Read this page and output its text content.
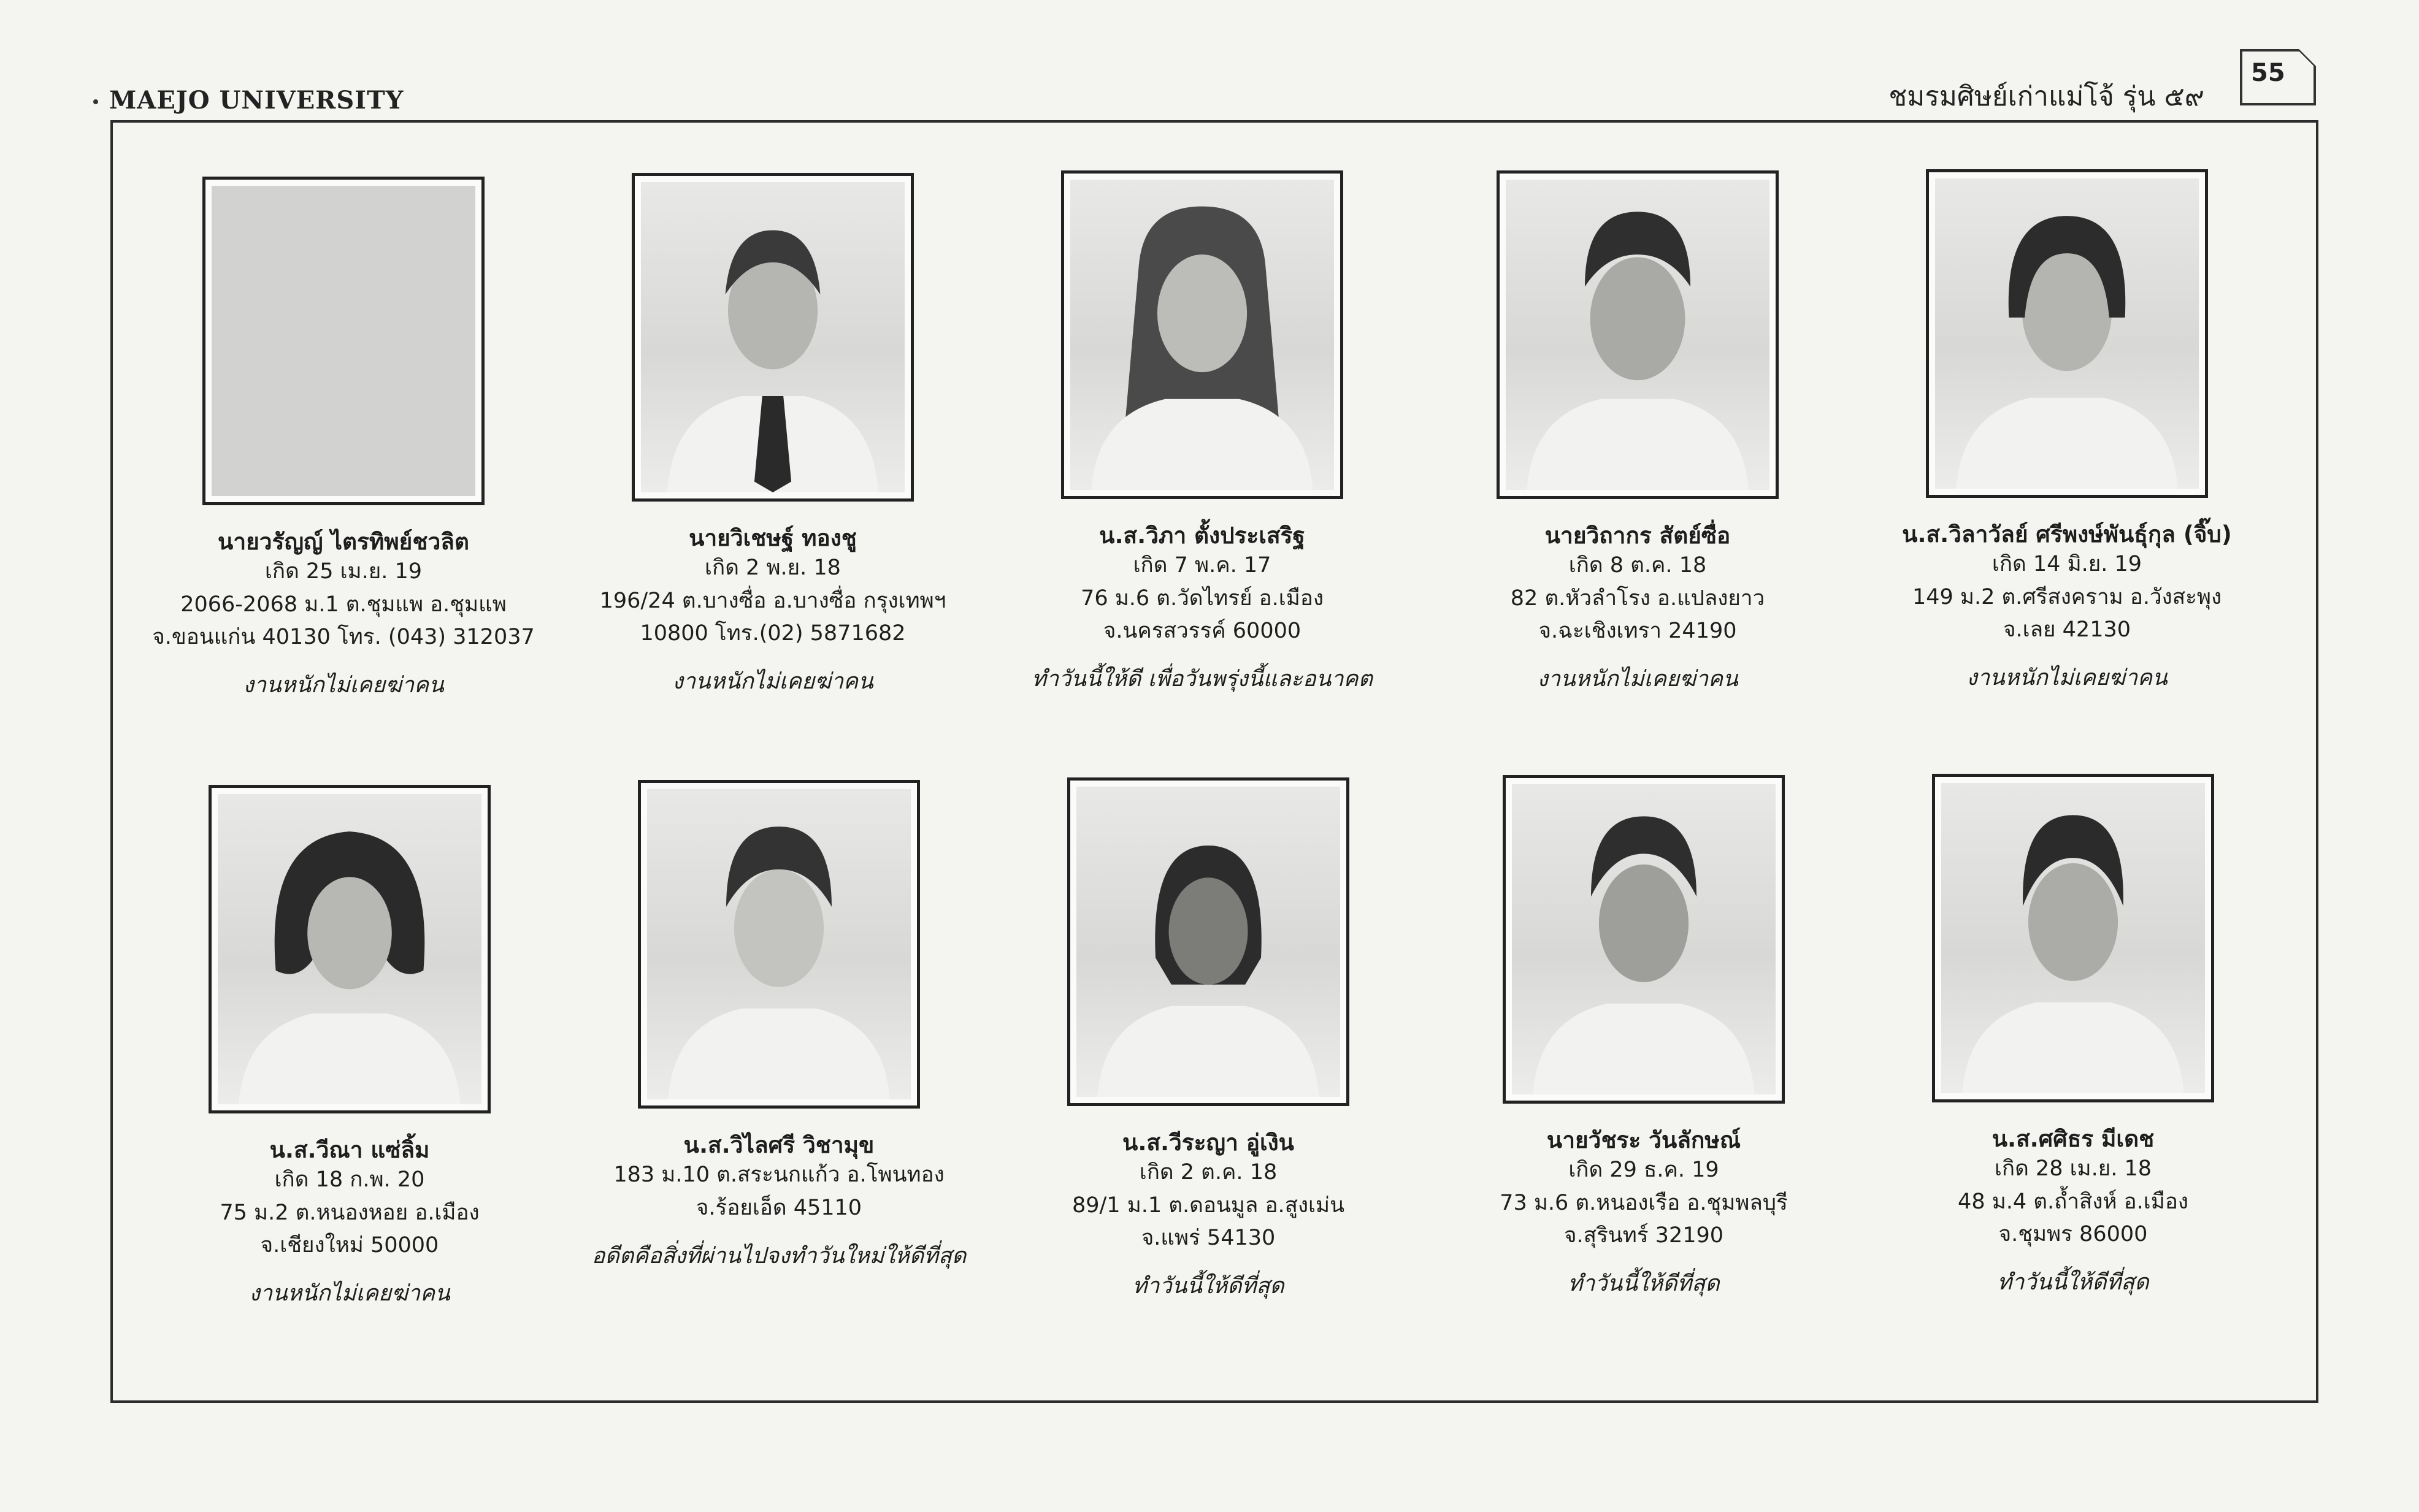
MAEJO UNIVERSITY	ชมรมศิษย์เก่าแม่โจ้ รุ่น ๕๙
55
นายวรัญญ์ ไตรทิพย์ชวลิต
เกิด 25 เม.ย. 19
2066-2068 ม.1 ต.ชุมแพ อ.ชุมแพ
จ.ขอนแก่น 40130 โทร. (043) 312037
งานหนักไม่เคยฆ่าคน
นายวิเชษฐ์ ทองชู
เกิด 2 พ.ย. 18
196/24 ต.บางซื่อ อ.บางซื่อ กรุงเทพฯ
10800 โทร.(02) 5871682
งานหนักไม่เคยฆ่าคน
น.ส.วิภา ตั้งประเสริฐ
เกิด 7 พ.ค. 17
76 ม.6 ต.วัดไทรย์ อ.เมือง
จ.นครสวรรค์ 60000
ทำวันนี้ให้ดี เพื่อวันพรุ่งนี้และอนาคต
นายวิถากร สัตย์ซื่อ
เกิด 8 ต.ค. 18
82 ต.หัวลำโรง อ.แปลงยาว
จ.ฉะเชิงเทรา 24190
งานหนักไม่เคยฆ่าคน
น.ส.วิลาวัลย์ ศรีพงษ์พันธุ์กุล (จิ๊บ)
เกิด 14 มิ.ย. 19
149 ม.2 ต.ศรีสงคราม อ.วังสะพุง
จ.เลย 42130
งานหนักไม่เคยฆ่าคน
น.ส.วีณา แซ่ลิ้ม
เกิด 18 ก.พ. 20
75 ม.2 ต.หนองหอย อ.เมือง
จ.เชียงใหม่ 50000
งานหนักไม่เคยฆ่าคน
น.ส.วิไลศรี วิชามุข
183 ม.10 ต.สระนกแก้ว อ.โพนทอง
จ.ร้อยเอ็ด 45110
อดีตคือสิ่งที่ผ่านไปจงทำวันใหม่ให้ดีที่สุด
น.ส.วีระญา อู่เงิน
เกิด 2 ต.ค. 18
89/1 ม.1 ต.ดอนมูล อ.สูงเม่น
จ.แพร่ 54130
ทำวันนี้ให้ดีที่สุด
นายวัชระ วันลักษณ์
เกิด 29 ธ.ค. 19
73 ม.6 ต.หนองเรือ อ.ชุมพลบุรี
จ.สุรินทร์ 32190
ทำวันนี้ให้ดีที่สุด
น.ส.ศศิธร มีเดช
เกิด 28 เม.ย. 18
48 ม.4 ต.ถ้ำสิงห์ อ.เมือง
จ.ชุมพร 86000
ทำวันนี้ให้ดีที่สุด
